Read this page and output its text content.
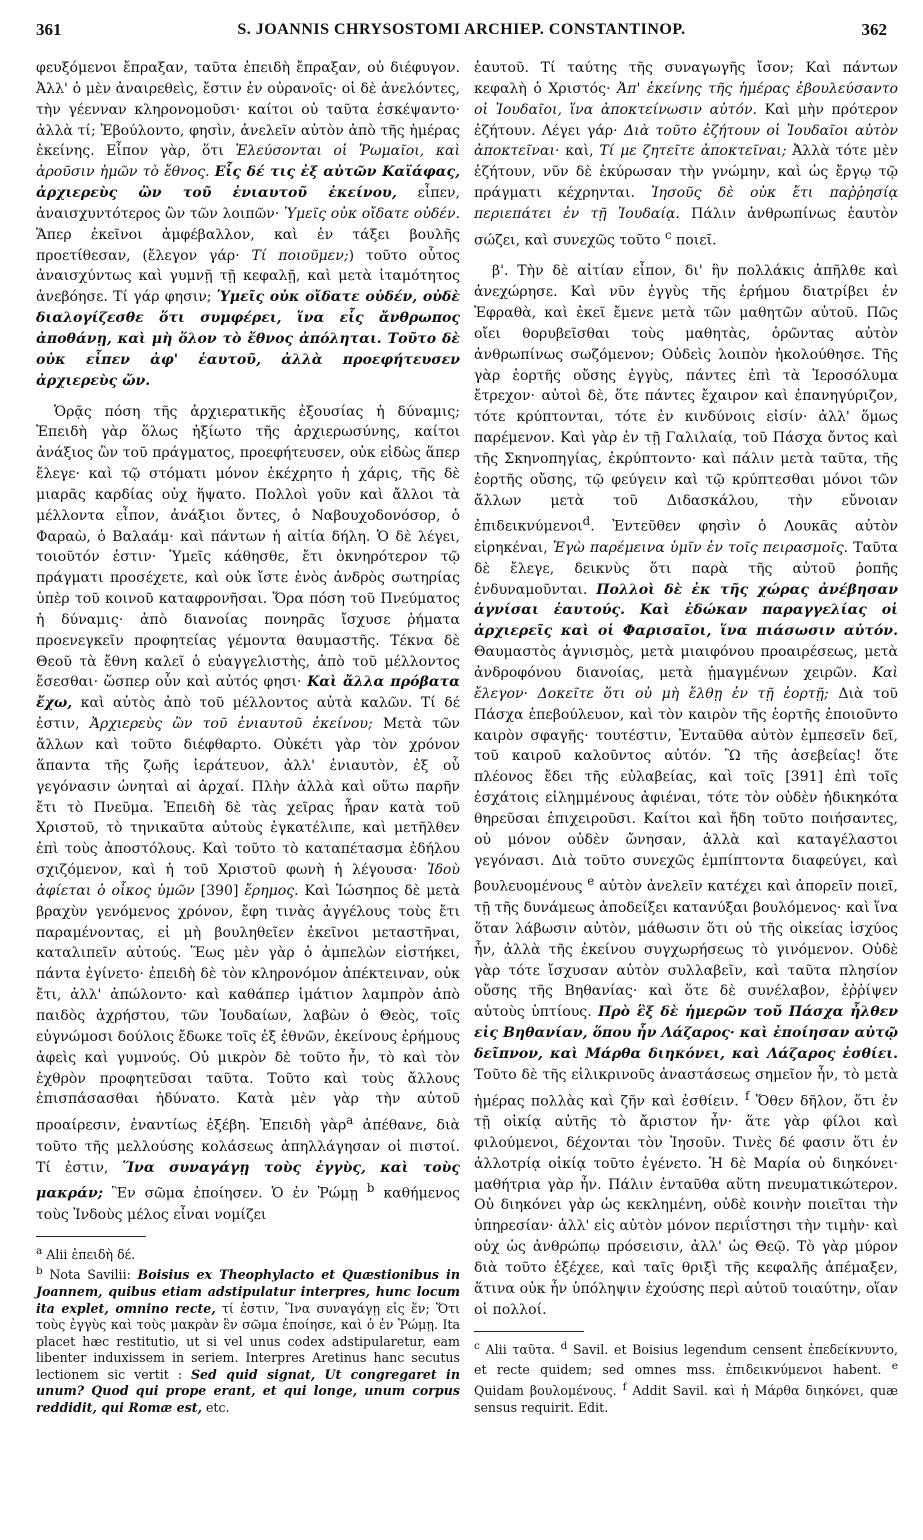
361	S. JOANNIS CHRYSOSTOMI ARCHIEP. CONSTANTINOP.	362

φευξόμενοι ἔπραξαν, ταῦτα ἐπειδὴ ἔπραξαν, οὐ διέφυγον. Ἀλλ' ὁ μὲν ἀναιρεθεὶς, ἔστιν ἐν οὐρανοῖς· οἱ δὲ ἀνελόντες, τὴν γέενναν κληρονομοῦσι· καίτοι οὐ ταῦτα ἐσκέψαντο· ἀλλὰ τί; Ἐβούλοντο, φησὶν, ἀνελεῖν αὐτὸν ἀπὸ τῆς ἡμέρας ἐκείνης. Εἶπον γὰρ, ὅτι Ἐλεύσονται οἱ Ῥωμαῖοι, καὶ ἀροῦσιν ἡμῶν τὸ ἔθνος. Εἷς δέ τις ἐξ αὐτῶν Καϊάφας, ἀρχιερεὺς ὢν τοῦ ἐνιαυτοῦ ἐκείνου, εἶπεν, ἀναισχυντότερος ὢν τῶν λοιπῶν· Ὑμεῖς οὐκ οἴδατε οὐδέν. Ἅπερ ἐκεῖνοι ἀμφέβαλλον, καὶ ἐν τάξει βουλῆς προετίθεσαν, (ἔλεγον γάρ· Τί ποιοῦμεν;) τοῦτο οὗτος ἀναισχύντως καὶ γυμνῇ τῇ κεφαλῇ, καὶ μετὰ ἰταμότητος ἀνεβόησε. Τί γάρ φησιν; Ὑμεῖς οὐκ οἴδατε οὐδέν, οὐδὲ διαλογίζεσθε ὅτι συμφέρει, ἵνα εἷς ἄνθρωπος ἀποθάνῃ, καὶ μὴ ὅλον τὸ ἔθνος ἀπόληται. Τοῦτο δὲ οὐκ εἶπεν ἀφ' ἑαυτοῦ, ἀλλὰ προεφήτευσεν ἀρχιερεὺς ὤν.

Ὁρᾷς πόση τῆς ἀρχιερατικῆς ἐξουσίας ἡ δύναμις; Ἐπειδὴ γὰρ ὅλως ἠξίωτο τῆς ἀρχιερωσύνης, καίτοι ἀνάξιος ὢν τοῦ πράγματος, προεφήτευσεν, οὐκ εἰδὼς ἅπερ ἔλεγε· καὶ τῷ στόματι μόνον ἐκέχρητο ἡ χάρις, τῆς δὲ μιαρᾶς καρδίας οὐχ ἥψατο. Πολλοὶ γοῦν καὶ ἄλλοι τὰ μέλλοντα εἶπον, ἀνάξιοι ὄντες, ὁ Ναβουχοδονόσορ, ὁ Φαραὼ, ὁ Βαλαάμ· καὶ πάντων ἡ αἰτία δήλη. Ὁ δὲ λέγει, τοιοῦτόν ἐστιν· Ὑμεῖς κάθησθε, ἔτι ὀκνηρότερον τῷ πράγματι προσέχετε, καὶ οὐκ ἴστε ἑνὸς ἀνδρὸς σωτηρίας ὑπὲρ τοῦ κοινοῦ καταφρονῆσαι. Ὅρα πόση τοῦ Πνεύματος ἡ δύναμις· ἀπὸ διανοίας πονηρᾶς ἴσχυσε ῥήματα προενεγκεῖν προφητείας γέμοντα θαυμαστῆς. Τέκνα δὲ Θεοῦ τὰ ἔθνη καλεῖ ὁ εὐαγγελιστὴς, ἀπὸ τοῦ μέλλοντος ἔσεσθαι· ὥσπερ οὖν καὶ αὐτός φησι· Καὶ ἄλλα πρόβατα ἔχω, καὶ αὐτὸς ἀπὸ τοῦ μέλλοντος αὐτὰ καλῶν. Τί δέ ἐστιν, Ἀρχιερεὺς ὢν τοῦ ἐνιαυτοῦ ἐκείνου; Μετὰ τῶν ἄλλων καὶ τοῦτο διέφθαρτο. Οὐκέτι γὰρ τὸν χρόνον ἅπαντα τῆς ζωῆς ἱεράτευον, ἀλλ' ἐνιαυτὸν, ἐξ οὗ γεγόνασιν ὠνηταὶ αἱ ἀρχαί. Πλὴν ἀλλὰ καὶ οὕτω παρῆν ἔτι τὸ Πνεῦμα. Ἐπειδὴ δὲ τὰς χεῖρας ἦραν κατὰ τοῦ Χριστοῦ, τὸ τηνικαῦτα αὐτοὺς ἐγκατέλιπε, καὶ μετῆλθεν ἐπὶ τοὺς ἀποστόλους. Καὶ τοῦτο τὸ καταπέτασμα ἐδήλου σχιζόμενον, καὶ ἡ τοῦ Χριστοῦ φωνὴ ἡ λέγουσα· Ἰδοὺ ἀφίεται ὁ οἶκος ὑμῶν [390] ἔρημος. Καὶ Ἰώσηπος δὲ μετὰ βραχὺν γενόμενος χρόνον, ἔφη τινὰς ἀγγέλους τοὺς ἔτι παραμένοντας, εἰ μὴ βουληθεῖεν ἐκεῖνοι μεταστῆναι, καταλιπεῖν αὐτούς. Ἕως μὲν γὰρ ὁ ἀμπελὼν εἱστήκει, πάντα ἐγίνετο· ἐπειδὴ δὲ τὸν κληρονόμον ἀπέκτειναν, οὐκ ἔτι, ἀλλ' ἀπώλοντο· καὶ καθάπερ ἱμάτιον λαμπρὸν ἀπὸ παιδὸς ἀχρήστου, τῶν Ἰουδαίων, λαβὼν ὁ Θεὸς, τοῖς εὐγνώμοσι δούλοις ἔδωκε τοῖς ἐξ ἐθνῶν, ἐκείνους ἐρήμους ἀφεὶς καὶ γυμνούς. Οὐ μικρὸν δὲ τοῦτο ἦν, τὸ καὶ τὸν ἐχθρὸν προφητεῦσαι ταῦτα. Τοῦτο καὶ τοὺς ἄλλους ἐπισπάσασθαι ἠδύνατο. Κατὰ μὲν γὰρ τὴν αὐτοῦ προαίρεσιν, ἐναντίως ἐξέβη. Ἐπειδὴ γὰρ$^a$ ἀπέθανε, διὰ τοῦτο τῆς μελλούσης κολάσεως ἀπηλλάγησαν οἱ πιστοί. Τί ἐστιν, Ἵνα συναγάγῃ τοὺς ἐγγὺς, καὶ τοὺς μακράν; Ἓν σῶμα ἐποίησεν. Ὁ ἐν Ῥώμῃ $^b$ καθήμενος τοὺς Ἰνδοὺς μέλος εἶναι νομίζει

$^a$ Alii ἐπειδὴ δέ.

$^b$ Nota Savilii: Boisius ex Theophylacto et Quæstionibus in Joannem, quibus etiam adstipulatur interpres, hunc locum ita explet, omnino recte, τί ἐστιν, Ἵνα συναγάγῃ εἰς ἕν; Ὅτι τοὺς ἐγγὺς καὶ τοὺς μακρὰν ἓν σῶμα ἐποίησε, καὶ ὁ ἐν Ῥώμῃ. Ita placet hæc restitutio, ut si vel unus codex adstipularetur, eam libenter induxissem in seriem. Interpres Aretinus hanc secutus lectionem sic vertit : Sed quid signat, Ut congregaret in unum? Quod qui prope erant, et qui longe, unum corpus reddidit, qui Romæ est, etc.

ἑαυτοῦ. Τί ταύτης τῆς συναγωγῆς ἴσον; Καὶ πάντων κεφαλὴ ὁ Χριστός· Ἀπ' ἐκείνης τῆς ἡμέρας ἐβουλεύσαντο οἱ Ἰουδαῖοι, ἵνα ἀποκτείνωσιν αὐτόν. Καὶ μὴν πρότερον ἐζήτουν. Λέγει γάρ· Διὰ τοῦτο ἐζήτουν οἱ Ἰουδαῖοι αὐτὸν ἀποκτεῖναι· καὶ, Τί με ζητεῖτε ἀποκτεῖναι; Ἀλλὰ τότε μὲν ἐζήτουν, νῦν δὲ ἐκύρωσαν τὴν γνώμην, καὶ ὡς ἔργῳ τῷ πράγματι κέχρηνται. Ἰησοῦς δὲ οὐκ ἔτι παῤῥησίᾳ περιεπάτει ἐν τῇ Ἰουδαίᾳ. Πάλιν ἀνθρωπίνως ἑαυτὸν σώζει, καὶ συνεχῶς τοῦτο $^c$ ποιεῖ.

β'. Τὴν δὲ αἰτίαν εἶπον, δι' ἣν πολλάκις ἀπῆλθε καὶ ἀνεχώρησε. Καὶ νῦν ἐγγὺς τῆς ἐρήμου διατρίβει ἐν Ἐφραθὰ, καὶ ἐκεῖ ἔμενε μετὰ τῶν μαθητῶν αὐτοῦ. Πῶς οἴει θορυβεῖσθαι τοὺς μαθητὰς, ὁρῶντας αὐτὸν ἀνθρωπίνως σωζόμενον; Οὐδεὶς λοιπὸν ἠκολούθησε. Τῆς γὰρ ἑορτῆς οὔσης ἐγγὺς, πάντες ἐπὶ τὰ Ἱεροσόλυμα ἔτρεχον· αὐτοὶ δὲ, ὅτε πάντες ἔχαιρον καὶ ἐπανηγύριζον, τότε κρύπτονται, τότε ἐν κινδύνοις εἰσίν· ἀλλ' ὅμως παρέμενον. Καὶ γὰρ ἐν τῇ Γαλιλαίᾳ, τοῦ Πάσχα ὄντος καὶ τῆς Σκηνοπηγίας, ἐκρύπτοντο· καὶ πάλιν μετὰ ταῦτα, τῆς ἑορτῆς οὔσης, τῷ φεύγειν καὶ τῷ κρύπτεσθαι μόνοι τῶν ἄλλων μετὰ τοῦ Διδασκάλου, τὴν εὔνοιαν ἐπιδεικνύμενοι$^d$. Ἐντεῦθεν φησὶν ὁ Λουκᾶς αὐτὸν εἰρηκέναι, Ἐγὼ παρέμεινα ὑμῖν ἐν τοῖς πειρασμοῖς. Ταῦτα δὲ ἔλεγε, δεικνὺς ὅτι παρὰ τῆς αὐτοῦ ῥοπῆς ἐνδυναμοῦνται. Πολλοὶ δὲ ἐκ τῆς χώρας ἀνέβησαν ἁγνίσαι ἑαυτούς. Καὶ ἐδώκαν παραγγελίας οἱ ἀρχιερεῖς καὶ οἱ Φαρισαῖοι, ἵνα πιάσωσιν αὐτόν. Θαυμαστὸς ἁγνισμὸς, μετὰ μιαιφόνου προαιρέσεως, μετὰ ἀνδροφόνου διανοίας, μετὰ ᾑμαγμένων χειρῶν. Καὶ ἔλεγον· Δοκεῖτε ὅτι οὐ μὴ ἔλθῃ ἐν τῇ ἑορτῇ; Διὰ τοῦ Πάσχα ἐπεβούλευον, καὶ τὸν καιρὸν τῆς ἑορτῆς ἐποιοῦντο καιρὸν σφαγῆς· τουτέστιν, Ἐνταῦθα αὐτὸν ἐμπεσεῖν δεῖ, τοῦ καιροῦ καλοῦντος αὐτόν. Ὢ τῆς ἀσεβείας! ὅτε πλέονος ἔδει τῆς εὐλαβείας, καὶ τοῖς [391] ἐπὶ τοῖς ἐσχάτοις εἰλημμένους ἀφιέναι, τότε τὸν οὐδὲν ἠδικηκότα θηρεῦσαι ἐπιχειροῦσι. Καίτοι καὶ ἤδη τοῦτο ποιήσαντες, οὐ μόνον οὐδὲν ὤνησαν, ἀλλὰ καὶ καταγέλαστοι γεγόνασι. Διὰ τοῦτο συνεχῶς ἐμπίπτοντα διαφεύγει, καὶ βουλευομένους $^e$ αὐτὸν ἀνελεῖν κατέχει καὶ ἀπορεῖν ποιεῖ, τῇ τῆς δυνάμεως ἀποδείξει κατανύξαι βουλόμενος· καὶ ἵνα ὅταν λάβωσιν αὐτὸν, μάθωσιν ὅτι οὐ τῆς οἰκείας ἰσχύος ἦν, ἀλλὰ τῆς ἐκείνου συγχωρήσεως τὸ γινόμενον. Οὐδὲ γὰρ τότε ἴσχυσαν αὐτὸν συλλαβεῖν, καὶ ταῦτα πλησίον οὔσης τῆς Βηθανίας· καὶ ὅτε δὲ συνέλαβον, ἐῤῥίψεν αὐτοὺς ὑπτίους. Πρὸ ἓξ δὲ ἡμερῶν τοῦ Πάσχα ἦλθεν εἰς Βηθανίαν, ὅπου ἦν Λάζαρος· καὶ ἐποίησαν αὐτῷ δεῖπνον, καὶ Μάρθα διηκόνει, καὶ Λάζαρος ἐσθίει. Τοῦτο δὲ τῆς εἰλικρινοῦς ἀναστάσεως σημεῖον ἦν, τὸ μετὰ ἡμέρας πολλὰς καὶ ζῆν καὶ ἐσθίειν. $^f$ Ὅθεν δῆλον, ὅτι ἐν τῇ οἰκίᾳ αὐτῆς τὸ ἄριστον ἦν· ἅτε γὰρ φίλοι καὶ φιλούμενοι, δέχονται τὸν Ἰησοῦν. Τινὲς δέ φασιν ὅτι ἐν ἀλλοτρίᾳ οἰκίᾳ τοῦτο ἐγένετο. Ἡ δὲ Μαρία οὐ διηκόνει· μαθήτρια γὰρ ἦν. Πάλιν ἐνταῦθα αὕτη πνευματικώτερον. Οὐ διηκόνει γὰρ ὡς κεκλημένη, οὐδὲ κοινὴν ποιεῖται τὴν ὑπηρεσίαν· ἀλλ' εἰς αὐτὸν μόνον περιΐστησι τὴν τιμὴν· καὶ οὐχ ὡς ἀνθρώπῳ πρόσεισιν, ἀλλ' ὡς Θεῷ. Τὸ γὰρ μύρον διὰ τοῦτο ἐξέχεε, καὶ ταῖς θριξὶ τῆς κεφαλῆς ἀπέμαξεν, ἅτινα οὐκ ἦν ὑπόληψιν ἐχούσης περὶ αὐτοῦ τοιαύτην, οἵαν οἱ πολλοί.

$^c$ Alii ταῦτα. $^d$ Savil. et Boisius legendum censent ἐπεδείκνυντο, et recte quidem; sed omnes mss. ἐπιδεικνύμενοι habent. $^e$ Quidam βουλομένους. $^f$ Addit Savil. καὶ ἡ Μάρθα διηκόνει, quæ sensus requirit. Edit.
